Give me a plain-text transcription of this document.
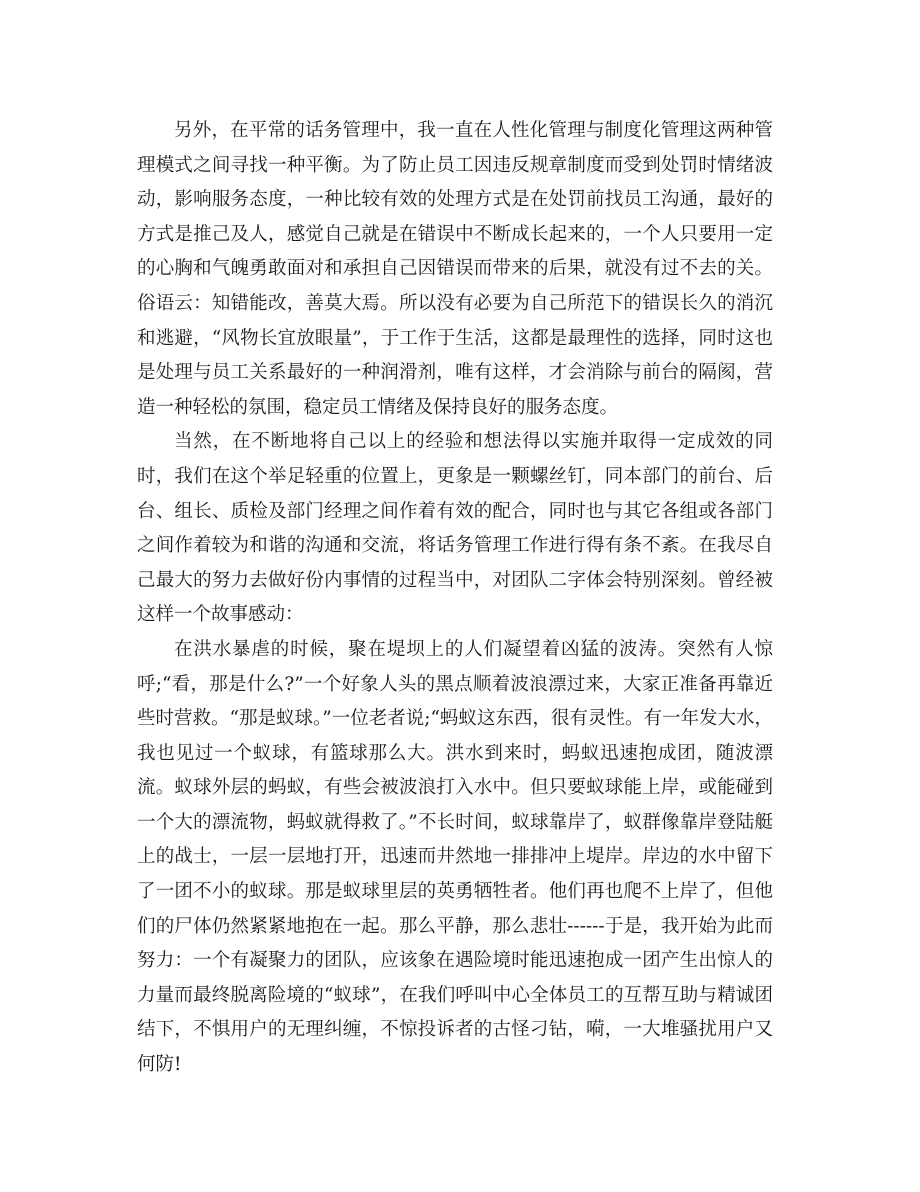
另外，在平常的话务管理中，我一直在人性化管理与制度化管理这两种管理模式之间寻找一种平衡。为了防止员工因违反规章制度而受到处罚时情绪波动，影响服务态度，一种比较有效的处理方式是在处罚前找员工沟通，最好的方式是推己及人，感觉自己就是在错误中不断成长起来的，一个人只要用一定的心胸和气魄勇敢面对和承担自己因错误而带来的后果，就没有过不去的关。俗语云：知错能改，善莫大焉。所以没有必要为自己所范下的错误长久的消沉和逃避，“风物长宜放眼量”，于工作于生活，这都是最理性的选择，同时这也是处理与员工关系最好的一种润滑剂，唯有这样，才会消除与前台的隔阂，营造一种轻松的氛围，稳定员工情绪及保持良好的服务态度。

当然，在不断地将自己以上的经验和想法得以实施并取得一定成效的同时，我们在这个举足轻重的位置上，更象是一颗螺丝钉，同本部门的前台、后台、组长、质检及部门经理之间作着有效的配合，同时也与其它各组或各部门之间作着较为和谐的沟通和交流，将话务管理工作进行得有条不紊。在我尽自己最大的努力去做好份内事情的过程当中，对团队二字体会特别深刻。曾经被这样一个故事感动：

在洪水暴虐的时候，聚在堤坝上的人们凝望着凶猛的波涛。突然有人惊呼;“看，那是什么?”一个好象人头的黑点顺着波浪漂过来，大家正准备再靠近些时营救。“那是蚁球。”一位老者说;“蚂蚁这东西，很有灵性。有一年发大水，我也见过一个蚁球，有篮球那么大。洪水到来时，蚂蚁迅速抱成团，随波漂流。蚁球外层的蚂蚁，有些会被波浪打入水中。但只要蚁球能上岸，或能碰到一个大的漂流物，蚂蚁就得救了。”不长时间，蚁球靠岸了，蚁群像靠岸登陆艇上的战士，一层一层地打开，迅速而井然地一排排冲上堤岸。岸边的水中留下了一团不小的蚁球。那是蚁球里层的英勇牺牲者。他们再也爬不上岸了，但他们的尸体仍然紧紧地抱在一起。那么平静，那么悲壮------于是，我开始为此而努力：一个有凝聚力的团队，应该象在遇险境时能迅速抱成一团产生出惊人的力量而最终脱离险境的“蚁球”，在我们呼叫中心全体员工的互帮互助与精诚团结下，不惧用户的无理纠缠，不惊投诉者的古怪刁钻，嗬，一大堆骚扰用户又何防!
